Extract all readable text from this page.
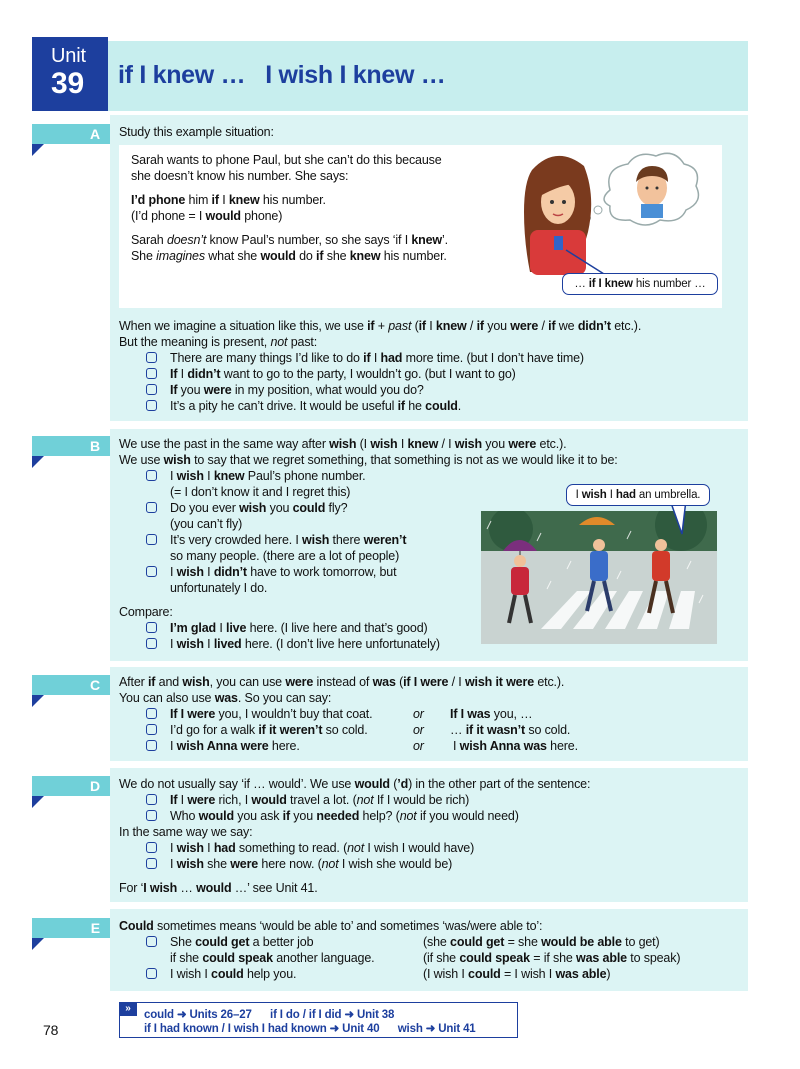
Unit
39 if I knew …   I wish I knew …
A	Study this example situation:
Sarah wants to phone Paul, but she can’t do this because
she doesn’t know his number. She says:
I’d phone him if I knew his number.
(I’d phone = I would phone)
Sarah doesn’t know Paul’s number, so she says ‘if I knew’.
She imagines what she would do if she knew his number.
… if I knew his number …
When we imagine a situation like this, we use if + past (if I knew / if you were / if we didn’t etc.).
But the meaning is present, not past:
There are many things I’d like to do if I had more time. (but I don’t have time)
If I didn’t want to go to the party, I wouldn’t go. (but I want to go)
If you were in my position, what would you do?
It’s a pity he can’t drive. It would be useful if he could.
B	We use the past in the same way after wish (I wish I knew / I wish you were etc.).
We use wish to say that we regret something, that something is not as we would like it to be:
I wish I knew Paul’s phone number.
(= I don’t know it and I regret this)
Do you ever wish you could fly?
(you can’t fly)
It’s very crowded here. I wish there weren’t
so many people. (there are a lot of people)
I wish I didn’t have to work tomorrow, but
unfortunately I do.
Compare:
I’m glad I live here. (I live here and that’s good)
I wish I lived here. (I don’t live here unfortunately)
I wish I had an umbrella.
C	After if and wish, you can use were instead of was (if I were / I wish it were etc.).
You can also use was. So you can say:
If I were you, I wouldn’t buy that coat.	or If I was you, …
I’d go for a walk if it weren’t so cold.	or … if it wasn’t so cold.
I wish Anna were here.	or I wish Anna was here.
D	We do not usually say ‘if … would’. We use would (’d) in the other part of the sentence:
If I were rich, I would travel a lot. (not If I would be rich)
Who would you ask if you needed help? (not if you would need)
In the same way we say:
I wish I had something to read. (not I wish I would have)
I wish she were here now. (not I wish she would be)
For ‘I wish … would …’ see Unit 41.
E	Could sometimes means ‘would be able to’ and sometimes ‘was/were able to’:
She could get a better job	(she could get = she would be able to get)
if she could speak another language.	(if she could speak = if she was able to speak)
I wish I could help you.	(I wish I could = I wish I was able)
78
»
could ➜ Units 26–27      if I do / if I did ➜ Unit 38
if I had known / I wish I had known ➜ Unit 40      wish ➜ Unit 41
